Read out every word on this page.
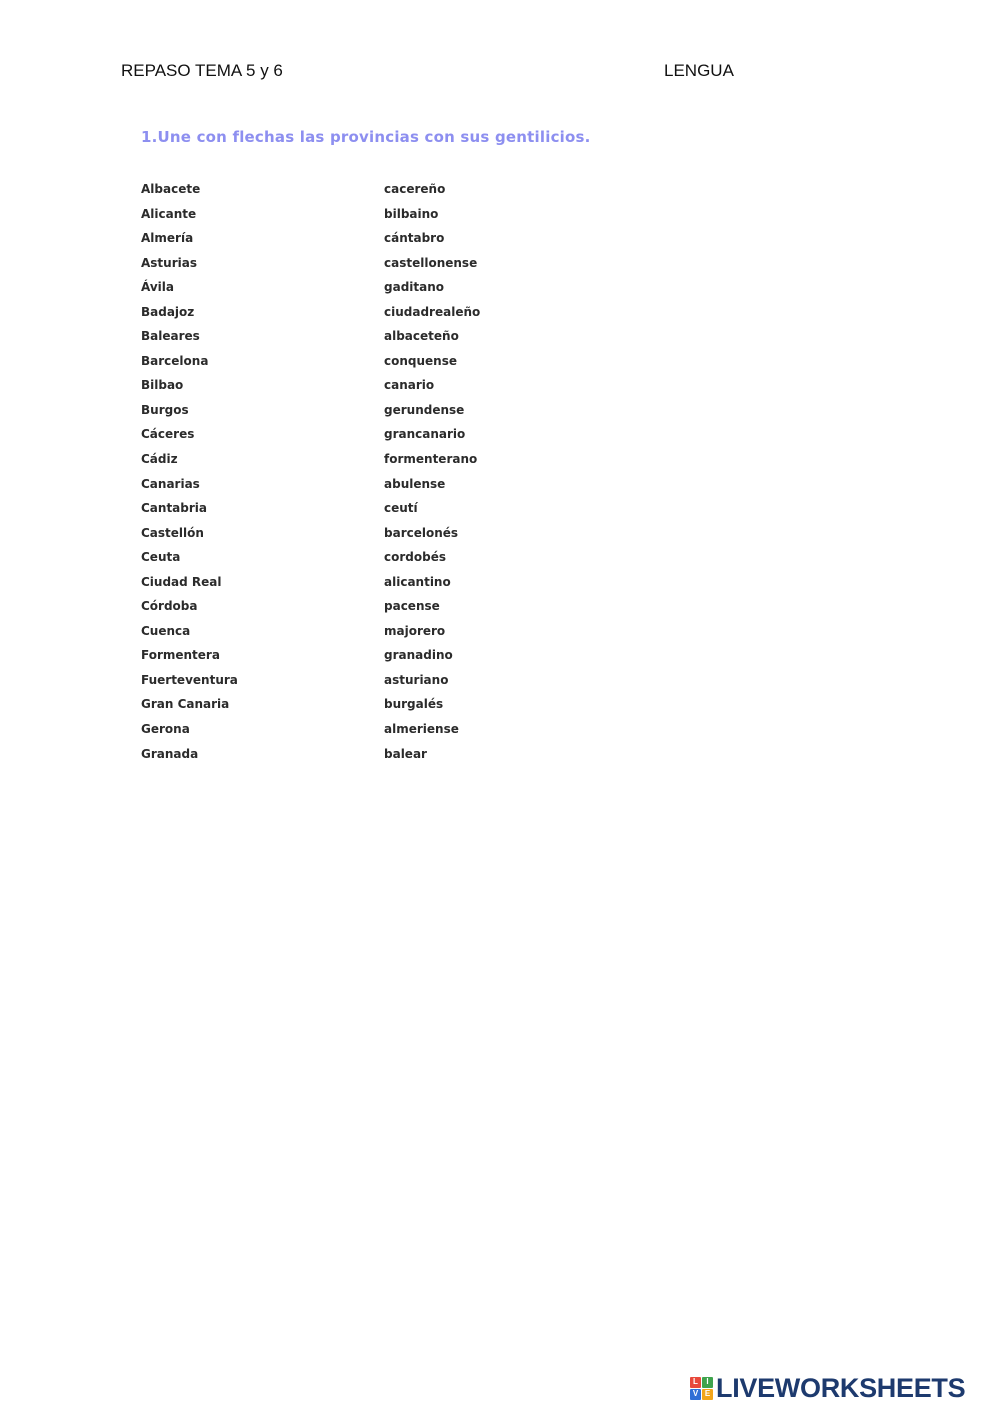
REPASO TEMA 5 y 6	LENGUA
1.Une con flechas las provincias con sus gentilicios.
Albacete
Alicante
Almería
Asturias
Ávila
Badajoz
Baleares
Barcelona
Bilbao
Burgos
Cáceres
Cádiz
Canarias
Cantabria
Castellón
Ceuta
Ciudad Real
Córdoba
Cuenca
Formentera
Fuerteventura
Gran Canaria
Gerona
Granada
cacereño
bilbaino
cántabro
castellonense
gaditano
ciudadrealeño
albaceteño
conquense
canario
gerundense
grancanario
formenterano
abulense
ceutí
barcelonés
cordobés
alicantino
pacense
majorero
granadino
asturiano
burgalés
almeriense
balear
L	I
V E LIVEWORKSHEETS
